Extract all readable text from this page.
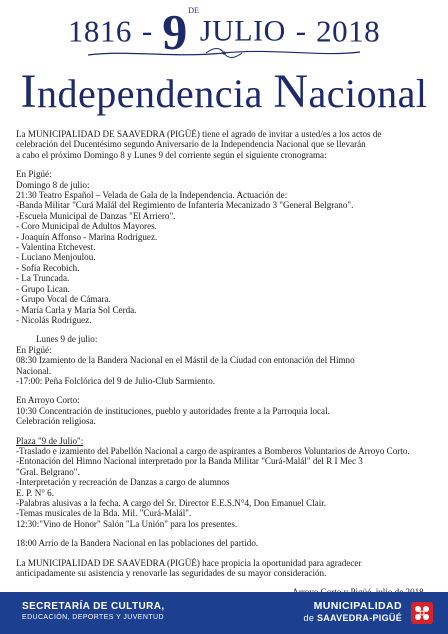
1816 - 9DEJULIO - 2018
Independencia Nacional

La MUNICIPALIDAD DE SAAVEDRA (PIGÜÉ) tiene el agrado de invitar a usted/es a los actos de
celebración del Ducentésimo segundo Aniversario de la Independencia Nacional que se llevarán
a cabo el próximo Domingo 8 y Lunes 9 del corriente según el siguiente cronograma:

En Pigüé:
Domingo 8 de julio:
21:30 Teatro Español – Velada de Gala de la Independencia. Actuación de:
-Banda Militar "Curá Malál del Regimiento de Infantería Mecanizado 3 "General Belgrano".
-Escuela Municipal de Danzas "El Arriero".
- Coro Municipal de Adultos Mayores.
- Joaquín Affonso - Marina Rodríguez.
- Valentina Etchevest.
- Luciano Menjoulou.
- Sofía Recobich.
- La Truncada.
- Grupo Lican.
- Grupo Vocal de Cámara.
- María Carla y María Sol Cerda.
- Nicolás Rodríguez.

Lunes 9 de julio:
En Pigüé:
08:30 Izamiento de la Bandera Nacional en el Mástil de la Ciudad con entonación del Himno
Nacional.
-17:00: Peña Folclórica del 9 de Julio-Club Sarmiento.

En Arroyo Corto:
10:30 Concentración de instituciones, pueblo y autoridades frente a la Parroquia local.
Celebración religiosa.

Plaza "9 de Julio":
-Traslado e izamiento del Pabellón Nacional a cargo de aspirantes a Bomberos Voluntarios de Arroyo Corto.
-Entonación del Himno Nacional interpretado por la Banda Militar "Curá-Malál" del R I Mec 3
"Gral. Belgrano".
-Interpretación y recreación de Danzas a cargo de alumnos
E. P. N° 6.
-Palabras alusivas a la fecha. A cargo del Sr. Director E.E.S.N°4, Don Emanuel Clair.
-Temas musicales de la Bda. Mil. "Curá-Malál".
12:30:"Vino de Honor" Salón "La Unión" para los presentes.

18:00 Arrio de la Bandera Nacional en las poblaciones del partido.

La MUNICIPALIDAD DE SAAVEDRA (PIGÜÉ) hace propicia la oportunidad para agradecer
anticipadamente su asistencia y renovarle las seguridades de su mayor consideración.

SECRETARÍA DE CULTURA,
EDUCACIÓN, DEPORTES Y JUVENTUD
MUNICIPALIDAD
de SAAVEDRA-PIGÜÉ
